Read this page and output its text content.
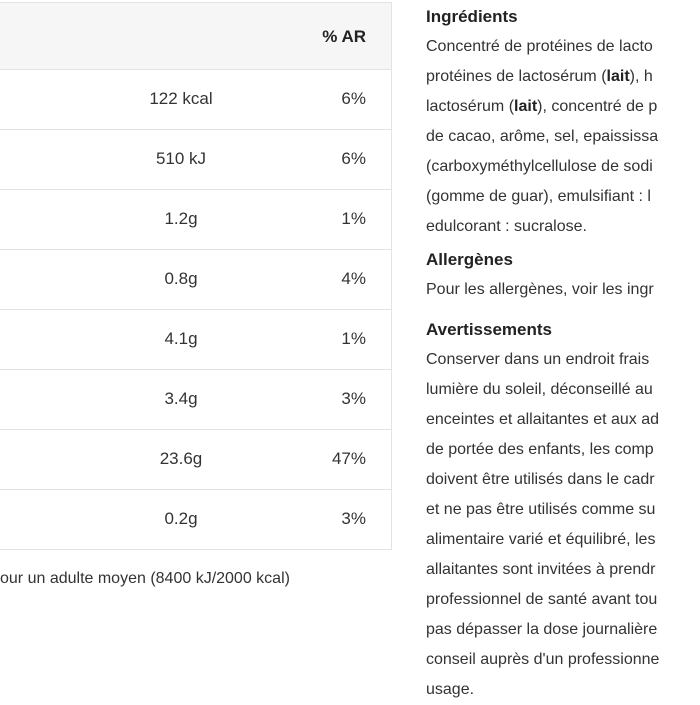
% AR
122 kcal	6%
510 kJ	6%
1.2g	1%
0.8g	4%
4.1g	1%
3.4g	3%
23.6g	47%
0.2g	3%
our un adulte moyen (8400 kJ/2000 kcal)
Ingrédients
Concentré de protéines de lacto
protéines de lactosérum (lait), h
lactosérum (lait), concentré de p
de cacao, arôme, sel, epaississa
(carboxyméthylcellulose de sodi
(gomme de guar), emulsifiant : l
edulcorant : sucralose.
Allergènes
Pour les allergènes, voir les ingr
Avertissements
Conserver dans un endroit frais
lumière du soleil, déconseillé au
enceintes et allaitantes et aux ad
de portée des enfants, les comp
doivent être utilisés dans le cadr
et ne pas être utilisés comme su
alimentaire varié et équilibré, les
allaitantes sont invitées à prendr
professionnel de santé avant tou
pas dépasser la dose journalière
conseil auprès d'un professionne
usage.
